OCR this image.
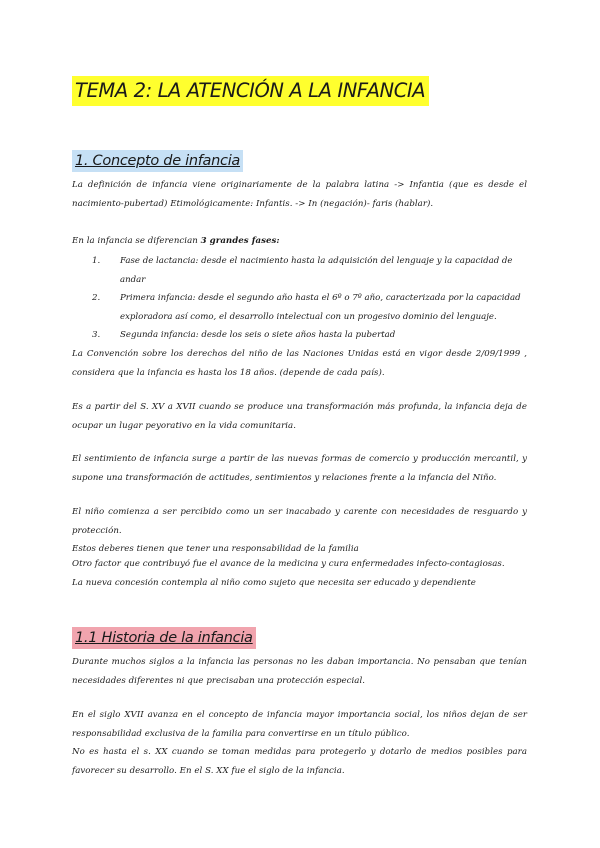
TEMA 2: LA ATENCIÓN A LA INFANCIA
1. Concepto de infancia

La definición de infancia viene originariamente de la palabra latina -> Infantia (que es desde el nacimiento-pubertad) Etimológicamente: Infantis. -> In (negación)- faris (hablar).

En la infancia se diferencian 3 grandes fases:

1. Fase de lactancia: desde el nacimiento hasta la adquisición del lenguaje y la capacidad de andar
2. Primera infancia: desde el segundo año hasta el 6º o 7º año, caracterizada por la capacidad exploradora así como, el desarrollo intelectual con un progesivo dominio del lenguaje.
3. Segunda infancia: desde los seis o siete años hasta la pubertad

La Convención sobre los derechos del niño de las Naciones Unidas está en vigor desde 2/09/1999 , considera que la infancia es hasta los 18 años. (depende de cada país).

Es a partir del S. XV a XVII cuando se produce una transformación más profunda, la infancia deja de ocupar un lugar peyorativo en la vida comunitaria.

El sentimiento de infancia surge a partir de las nuevas formas de comercio y producción mercantil, y supone una transformación de actitudes, sentimientos y relaciones frente a la infancia del Niño.

El niño comienza a ser percibido como un ser inacabado y carente con necesidades de resguardo y protección.
Estos deberes tienen que tener una responsabilidad de la familia

Otro factor que contribuyó fue el avance de la medicina y cura enfermedades infecto-contagiosas.
La nueva concesión contempla al niño como sujeto que necesita ser educado y dependiente

1.1 Historia de la infancia

Durante muchos siglos a la infancia las personas no les daban importancia. No pensaban que tenían necesidades diferentes ni que precisaban una protección especial.

En el siglo XVII avanza en el concepto de infancia mayor importancia social, los niños dejan de ser responsabilidad exclusiva de la familia para convertirse en un título público.
No es hasta el s. XX cuando se toman medidas para protegerlo y dotarlo de medios posibles para favorecer su desarrollo. En el S. XX fue el siglo de la infancia.
